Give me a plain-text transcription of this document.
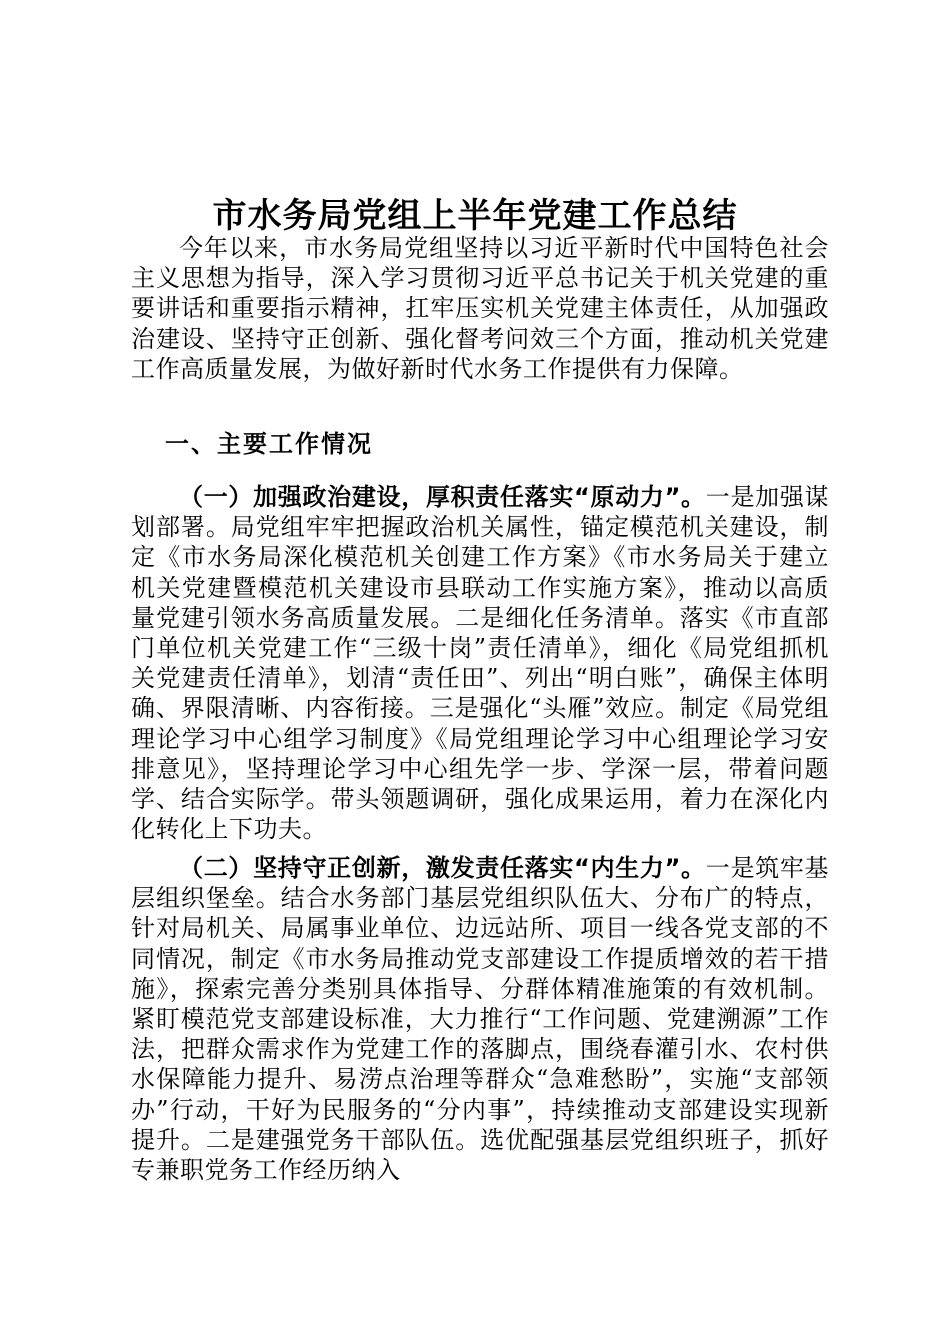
市水务局党组上半年党建工作总结

今年以来，市水务局党组坚持以习近平新时代中国特色社会主义思想为指导，深入学习贯彻习近平总书记关于机关党建的重要讲话和重要指示精神，扛牢压实机关党建主体责任，从加强政治建设、坚持守正创新、强化督考问效三个方面，推动机关党建工作高质量发展，为做好新时代水务工作提供有力保障。

一、主要工作情况

（一）加强政治建设，厚积责任落实“原动力”。一是加强谋划部署。局党组牢牢把握政治机关属性，锚定模范机关建设，制定《市水务局深化模范机关创建工作方案》《市水务局关于建立机关党建暨模范机关建设市县联动工作实施方案》，推动以高质量党建引领水务高质量发展。二是细化任务清单。落实《市直部门单位机关党建工作“三级十岗”责任清单》，细化《局党组抓机关党建责任清单》，划清“责任田”、列出“明白账”，确保主体明确、界限清晰、内容衔接。三是强化“头雁”效应。制定《局党组理论学习中心组学习制度》《局党组理论学习中心组理论学习安排意见》，坚持理论学习中心组先学一步、学深一层，带着问题学、结合实际学。带头领题调研，强化成果运用，着力在深化内化转化上下功夫。

（二）坚持守正创新，激发责任落实“内生力”。一是筑牢基层组织堡垒。结合水务部门基层党组织队伍大、分布广的特点，针对局机关、局属事业单位、边远站所、项目一线各党支部的不同情况，制定《市水务局推动党支部建设工作提质增效的若干措施》，探索完善分类别具体指导、分群体精准施策的有效机制。紧盯模范党支部建设标准，大力推行“工作问题、党建溯源”工作法，把群众需求作为党建工作的落脚点，围绕春灌引水、农村供水保障能力提升、易涝点治理等群众“急难愁盼”，实施“支部领办”行动，干好为民服务的“分内事”，持续推动支部建设实现新提升。二是建强党务干部队伍。选优配强基层党组织班子，抓好专兼职党务工作经历纳入
